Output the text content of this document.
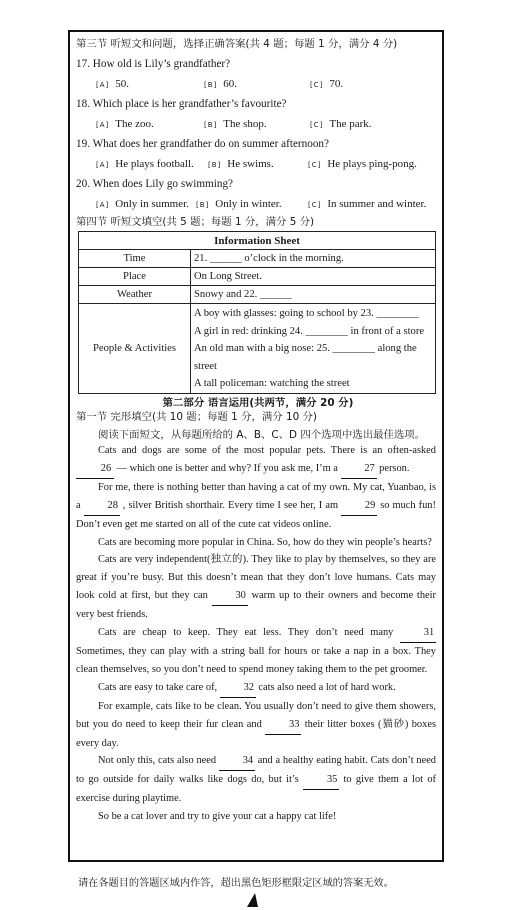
第三节 听短文和问题，选择正确答案(共 4 题；每题 1 分，满分 4 分)
17. How old is Lily’s grandfather?
[A] 50.	[B] 60.	[C] 70.
18. Which place is her grandfather’s favourite?
[A] The zoo.	[B] The shop.	[C] The park.
19. What does her grandfather do on summer afternoon?
[A] He plays football. [B] He swims.	[C] He plays ping-pong.
20. When does Lily go swimming?
[A] Only in summer. [B] Only in winter.	[C] In summer and winter.
第四节 听短文填空(共 5 题；每题 1 分，满分 5 分)
Information Sheet	
Time	21. ______ o’clock in the morning.
Place	On Long Street.
Weather	Snowy and 22. ______
People & Activities	A boy with glasses: going to school by 23. ________
A girl in red: drinking 24. ________ in front of a store
An old man with a big nose: 25. ________ along the
street
A tall policeman: watching the street
第二部分 语言运用(共两节，满分 20 分)
第一节 完形填空(共 10 题；每题 1 分，满分 10 分)
阅读下面短文，从每题所给的 A、B、C、D 四个选项中选出最佳选项。

Cats and dogs are some of the most popular pets. There is an often-asked 26 — which one is better and why? If you ask me, I’m a	27 person.

For me, there is nothing better than having a cat of my own. My cat, Yuanbao, is a	28 , silver British shorthair. Every time I see her, I am	29 so much fun! Don’t even get me started on all of the cute cat videos online.

Cats are becoming more popular in China. So, how do they win people’s hearts?

Cats are very independent(独立的). They like to play by themselves, so they are great if you’re busy. But this doesn’t mean that they don’t love humans. Cats may look cold at first, but they can	30 warm up to their owners and become their very best friends.

Cats are cheap to keep. They eat less. They don’t need many	31 Sometimes, they can play with a string ball for hours or take a nap in a box. They clean themselves, so you don’t need to spend money taking them to the pet groomer.

Cats are easy to take care of,	32 cats also need a lot of hard work.

For example, cats like to be clean. You usually don’t need to give them showers, but you do need to keep their fur clean and	33 their litter boxes (猫砂) boxes every day.

Not only this, cats also need	34 and a healthy eating habit. Cats don’t need to go outside for daily walks like dogs do, but it’s	35 to give them a lot of exercise during playtime.

So be a cat lover and try to give your cat a happy cat life!

请在各题目的答题区域内作答，超出黑色矩形框限定区域的答案无效。
